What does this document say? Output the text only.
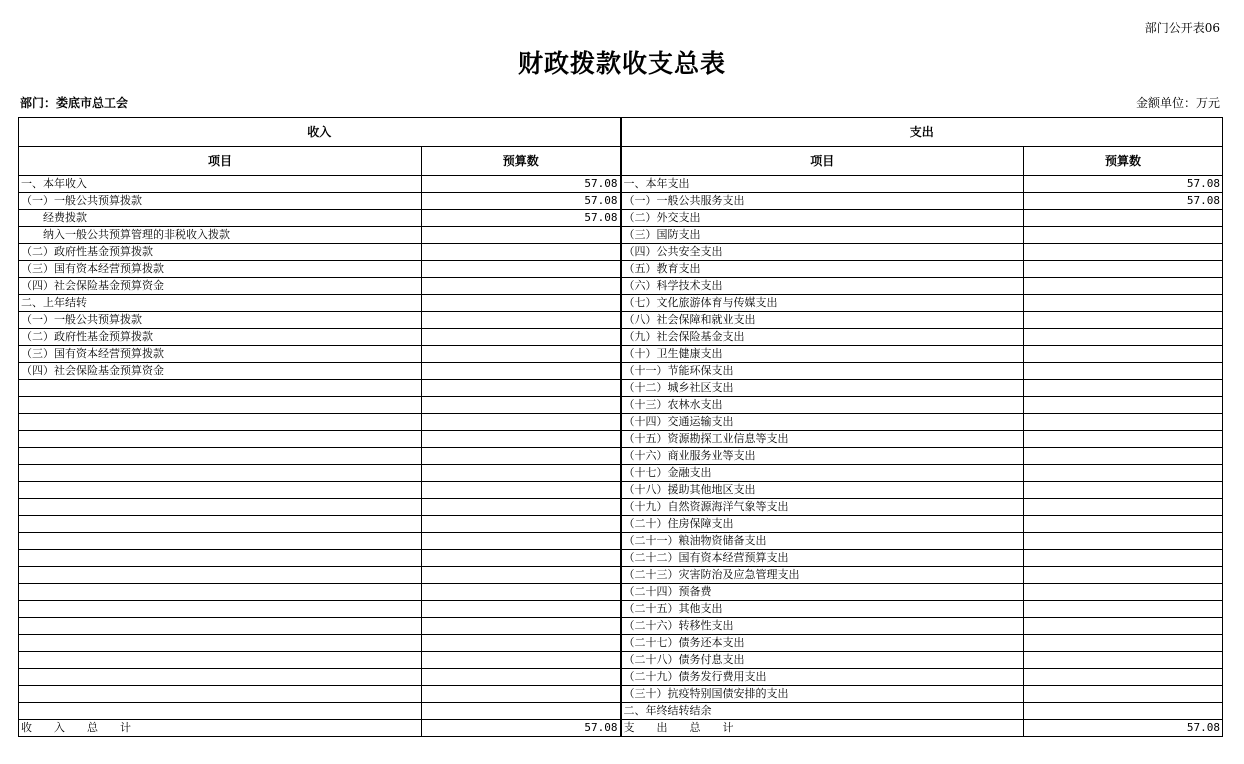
部门公开表06
财政拨款收支总表
部门：娄底市总工会	金额单位：万元
收入		支出	
项目	预算数	项目	预算数
一、本年收入	57.08	一、本年支出	57.08
（一）一般公共预算拨款	57.08	（一）一般公共服务支出	57.08
　　经费拨款	57.08	（二）外交支出	
　　纳入一般公共预算管理的非税收入拨款		（三）国防支出	
（二）政府性基金预算拨款		（四）公共安全支出	
（三）国有资本经营预算拨款		（五）教育支出	
（四）社会保险基金预算资金		（六）科学技术支出	
二、上年结转		（七）文化旅游体育与传媒支出	
（一）一般公共预算拨款		（八）社会保障和就业支出	
（二）政府性基金预算拨款		（九）社会保险基金支出	
（三）国有资本经营预算拨款		（十）卫生健康支出	
（四）社会保险基金预算资金		（十一）节能环保支出	
		（十二）城乡社区支出	
		（十三）农林水支出	
		（十四）交通运输支出	
		（十五）资源勘探工业信息等支出	
		（十六）商业服务业等支出	
		（十七）金融支出	
		（十八）援助其他地区支出	
		（十九）自然资源海洋气象等支出	
		（二十）住房保障支出	
		（二十一）粮油物资储备支出	
		（二十二）国有资本经营预算支出	
		（二十三）灾害防治及应急管理支出	
		（二十四）预备费	
		（二十五）其他支出	
		（二十六）转移性支出	
		（二十七）债务还本支出	
		（二十八）债务付息支出	
		（二十九）债务发行费用支出	
		（三十）抗疫特别国债安排的支出	
		二、年终结转结余	
收　　入　　总　　计	57.08	支　　出　　总　　计	57.08
